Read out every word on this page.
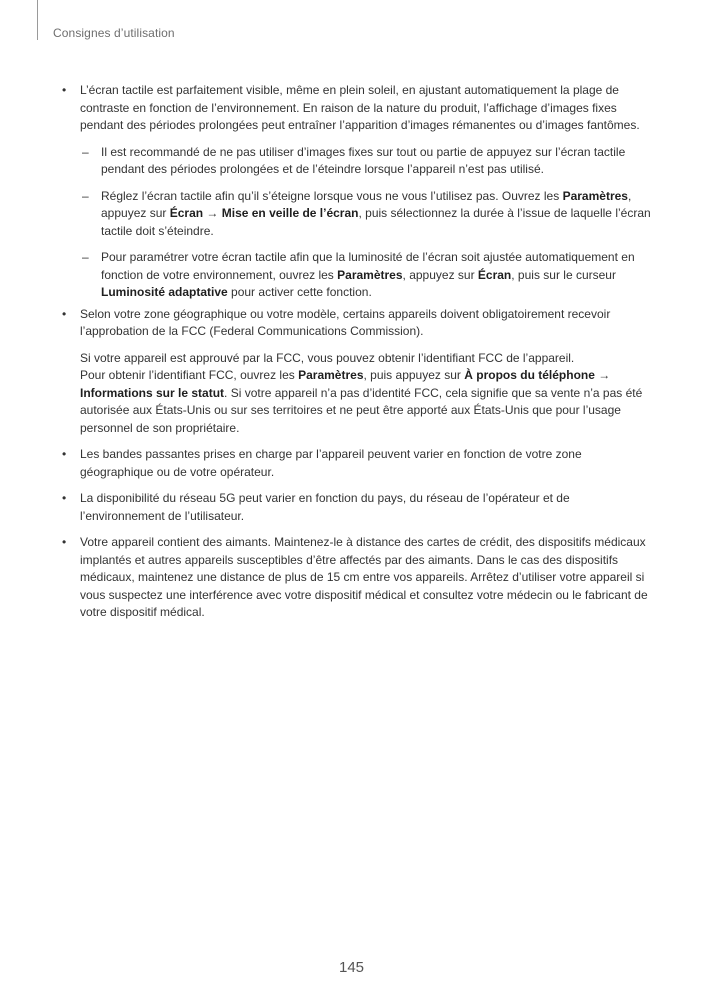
Consignes d’utilisation
• L’écran tactile est parfaitement visible, même en plein soleil, en ajustant automatiquement la plage de contraste en fonction de l’environnement. En raison de la nature du produit, l’affichage d’images fixes pendant des périodes prolongées peut entraîner l’apparition d’images rémanentes ou d’images fantômes.
– Il est recommandé de ne pas utiliser d’images fixes sur tout ou partie de appuyez sur l’écran tactile pendant des périodes prolongées et de l’éteindre lorsque l’appareil n’est pas utilisé.
– Réglez l’écran tactile afin qu’il s’éteigne lorsque vous ne vous l’utilisez pas. Ouvrez les Paramètres, appuyez sur Écran → Mise en veille de l’écran, puis sélectionnez la durée à l’issue de laquelle l’écran tactile doit s’éteindre.
– Pour paramétrer votre écran tactile afin que la luminosité de l’écran soit ajustée automatiquement en fonction de votre environnement, ouvrez les Paramètres, appuyez sur Écran, puis sur le curseur Luminosité adaptative pour activer cette fonction.
• Selon votre zone géographique ou votre modèle, certains appareils doivent obligatoirement recevoir l’approbation de la FCC (Federal Communications Commission).
Si votre appareil est approuvé par la FCC, vous pouvez obtenir l’identifiant FCC de l’appareil.
Pour obtenir l’identifiant FCC, ouvrez les Paramètres, puis appuyez sur À propos du téléphone → Informations sur le statut. Si votre appareil n’a pas d’identité FCC, cela signifie que sa vente n’a pas été autorisée aux États-Unis ou sur ses territoires et ne peut être apporté aux États-Unis que pour l’usage personnel de son propriétaire.
• Les bandes passantes prises en charge par l’appareil peuvent varier en fonction de votre zone géographique ou de votre opérateur.
• La disponibilité du réseau 5G peut varier en fonction du pays, du réseau de l’opérateur et de l’environnement de l’utilisateur.
• Votre appareil contient des aimants. Maintenez-le à distance des cartes de crédit, des dispositifs médicaux implantés et autres appareils susceptibles d’être affectés par des aimants. Dans le cas des dispositifs médicaux, maintenez une distance de plus de 15 cm entre vos appareils. Arrêtez d’utiliser votre appareil si vous suspectez une interférence avec votre dispositif médical et consultez votre médecin ou le fabricant de votre dispositif médical.
145
